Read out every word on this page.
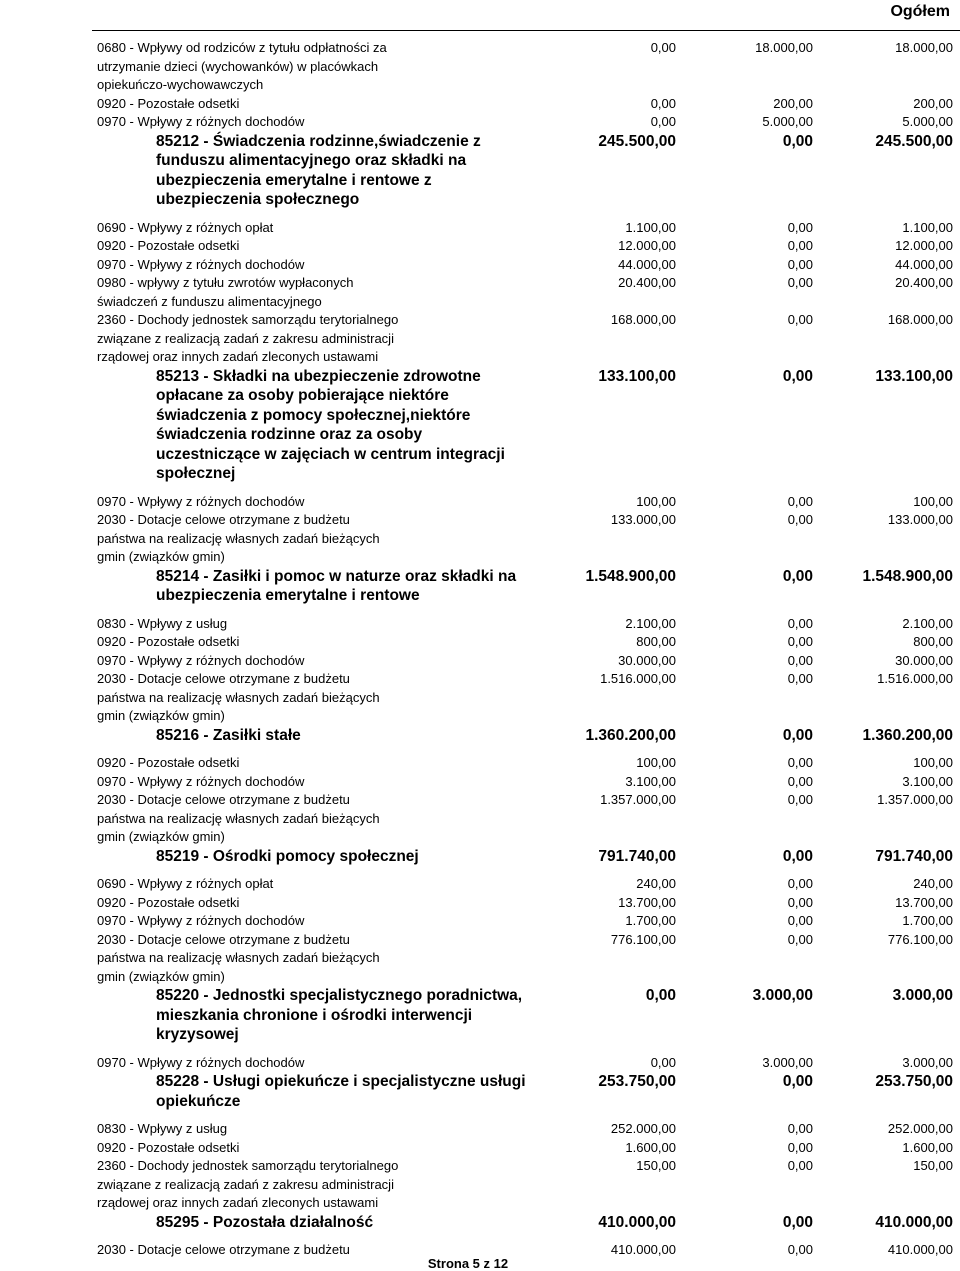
Ogółem
0680 - Wpływy od rodziców z tytułu odpłatności za
utrzymanie dzieci (wychowanków) w placówkach
opiekuńczo-wychowawczych
0,00	18.000,00	18.000,00
0920 - Pozostałe odsetki	0,00	200,00	200,00
0970 - Wpływy z różnych dochodów	0,00	5.000,00	5.000,00
85212 - Świadczenia rodzinne,świadczenie z
funduszu alimentacyjnego oraz składki na
ubezpieczenia emerytalne i rentowe z
ubezpieczenia społecznego
245.500,00	0,00	245.500,00
0690 - Wpływy z różnych opłat	1.100,00	0,00	1.100,00
0920 - Pozostałe odsetki	12.000,00	0,00	12.000,00
0970 - Wpływy z różnych dochodów	44.000,00	0,00	44.000,00
0980 - wpływy z tytułu zwrotów wypłaconych
świadczeń z funduszu alimentacyjnego
20.400,00	0,00	20.400,00
2360 - Dochody jednostek samorządu terytorialnego
związane z realizacją zadań z zakresu administracji
rządowej oraz innych zadań zleconych ustawami
168.000,00	0,00	168.000,00
85213 - Składki na ubezpieczenie zdrowotne
opłacane za osoby pobierające niektóre
świadczenia z pomocy społecznej,niektóre
świadczenia rodzinne oraz za osoby
uczestniczące w zajęciach w centrum integracji
społecznej
133.100,00	0,00	133.100,00
0970 - Wpływy z różnych dochodów	100,00	0,00	100,00
2030 - Dotacje celowe otrzymane z budżetu
państwa na realizację własnych zadań bieżących
gmin (związków gmin)
133.000,00	0,00	133.000,00
85214 - Zasiłki i pomoc w naturze oraz składki na
ubezpieczenia emerytalne i rentowe
1.548.900,00	0,00	1.548.900,00
0830 - Wpływy z usług	2.100,00	0,00	2.100,00
0920 - Pozostałe odsetki	800,00	0,00	800,00
0970 - Wpływy z różnych dochodów	30.000,00	0,00	30.000,00
2030 - Dotacje celowe otrzymane z budżetu
państwa na realizację własnych zadań bieżących
gmin (związków gmin)
1.516.000,00	0,00	1.516.000,00
85216 - Zasiłki stałe	1.360.200,00	0,00	1.360.200,00
0920 - Pozostałe odsetki	100,00	0,00	100,00
0970 - Wpływy z różnych dochodów	3.100,00	0,00	3.100,00
2030 - Dotacje celowe otrzymane z budżetu
państwa na realizację własnych zadań bieżących
gmin (związków gmin)
1.357.000,00	0,00	1.357.000,00
85219 - Ośrodki pomocy społecznej	791.740,00	0,00	791.740,00
0690 - Wpływy z różnych opłat	240,00	0,00	240,00
0920 - Pozostałe odsetki	13.700,00	0,00	13.700,00
0970 - Wpływy z różnych dochodów	1.700,00	0,00	1.700,00
2030 - Dotacje celowe otrzymane z budżetu
państwa na realizację własnych zadań bieżących
gmin (związków gmin)
776.100,00	0,00	776.100,00
85220 - Jednostki specjalistycznego poradnictwa,
mieszkania chronione i ośrodki interwencji
kryzysowej
0,00	3.000,00	3.000,00
0970 - Wpływy z różnych dochodów	0,00	3.000,00	3.000,00
85228 - Usługi opiekuńcze i specjalistyczne usługi
opiekuńcze
253.750,00	0,00	253.750,00
0830 - Wpływy z usług	252.000,00	0,00	252.000,00
0920 - Pozostałe odsetki	1.600,00	0,00	1.600,00
2360 - Dochody jednostek samorządu terytorialnego
związane z realizacją zadań z zakresu administracji
rządowej oraz innych zadań zleconych ustawami
150,00	0,00	150,00
85295 - Pozostała działalność	410.000,00	0,00	410.000,00
2030 - Dotacje celowe otrzymane z budżetu	410.000,00	0,00	410.000,00
Strona 5 z 12
